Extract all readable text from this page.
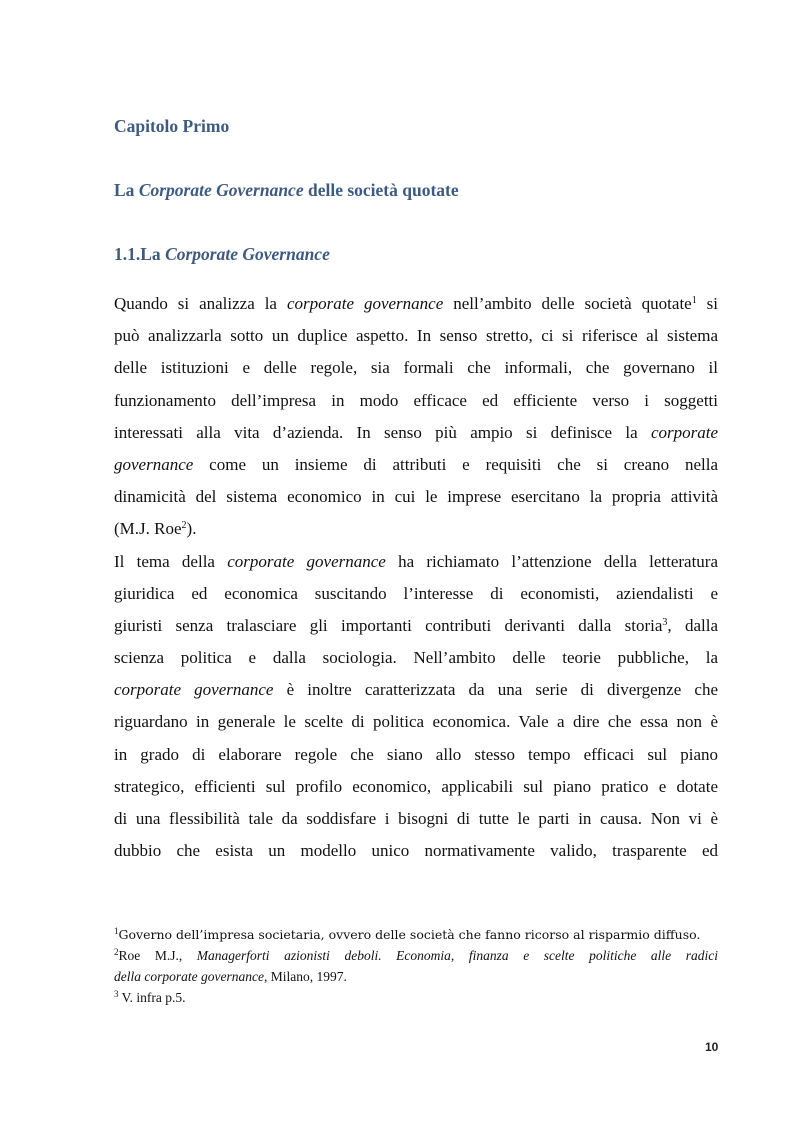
Capitolo Primo
La Corporate Governance delle società quotate
1.1.La Corporate Governance

Quando si analizza la corporate governance nell’ambito delle società quotate$^1$ si
può analizzarla sotto un duplice aspetto. In senso stretto, ci si riferisce al sistema
delle istituzioni e delle regole, sia formali che informali, che governano il
funzionamento dell’impresa in modo efficace ed efficiente verso i soggetti
interessati alla vita d’azienda. In senso più ampio si definisce la corporate
governance come un insieme di attributi e requisiti che si creano nella
dinamicità del sistema economico in cui le imprese esercitano la propria attività
(M.J. Roe$^2$).

Il tema della corporate governance ha richiamato l’attenzione della letteratura
giuridica ed economica suscitando l’interesse di economisti, aziendalisti e
giuristi senza tralasciare gli importanti contributi derivanti dalla storia$^3$, dalla
scienza politica e dalla sociologia. Nell’ambito delle teorie pubbliche, la
corporate governance è inoltre caratterizzata da una serie di divergenze che
riguardano in generale le scelte di politica economica. Vale a dire che essa non è
in grado di elaborare regole che siano allo stesso tempo efficaci sul piano
strategico, efficienti sul profilo economico, applicabili sul piano pratico e dotate
di una flessibilità tale da soddisfare i bisogni di tutte le parti in causa. Non vi è
dubbio che esista un modello unico normativamente valido, trasparente ed

$^1$Governo dell’impresa societaria, ovvero delle società che fanno ricorso al risparmio diffuso.
$^2$Roe M.J., Managerforti azionisti deboli. Economia, finanza e scelte politiche alle radici
della corporate governance, Milano, 1997.
$^3$ V. infra p.5.
10
